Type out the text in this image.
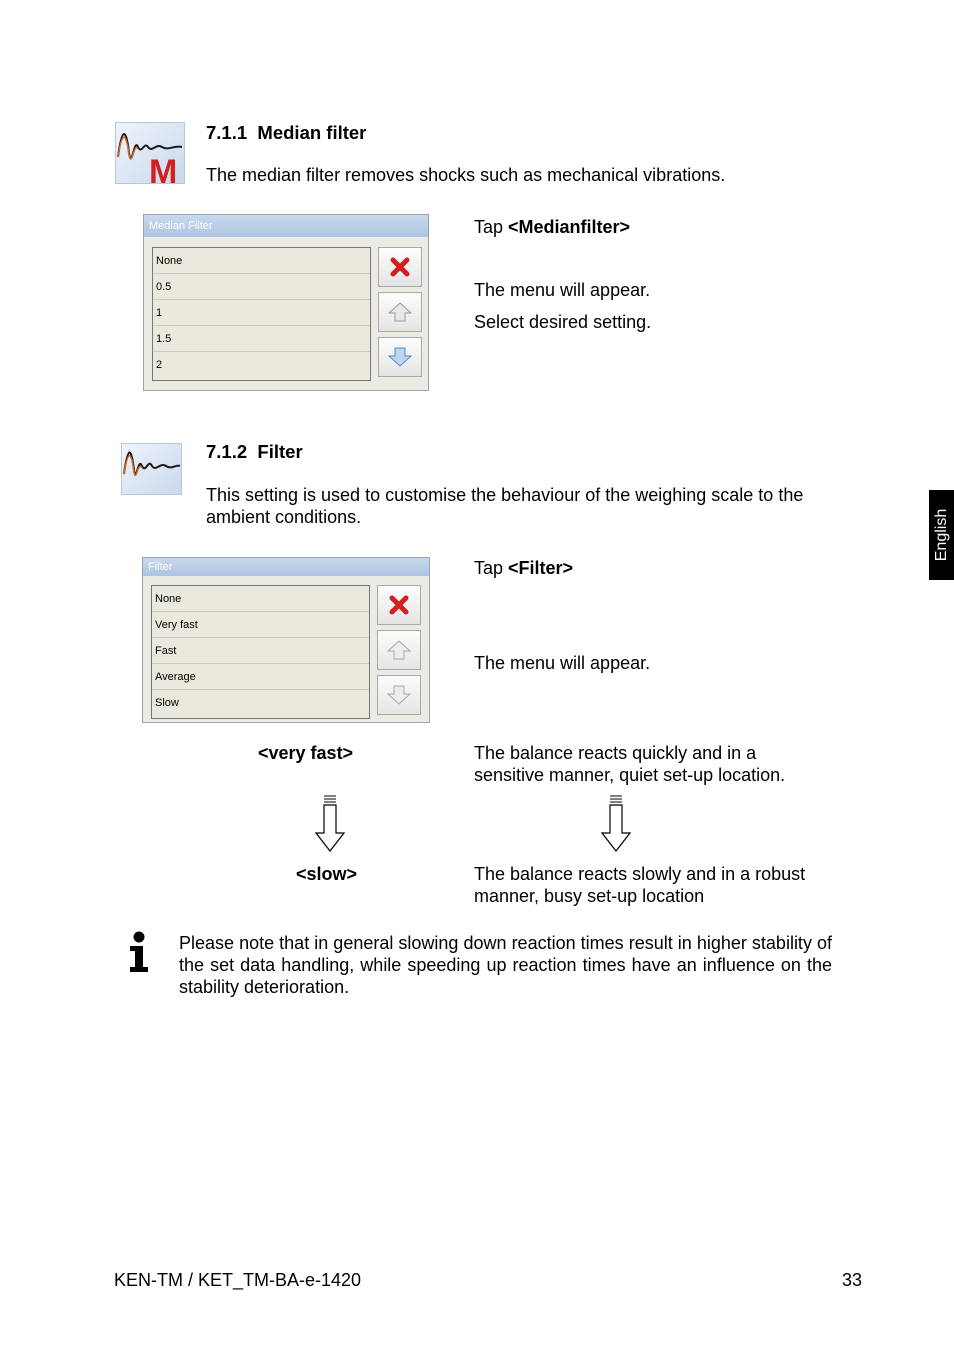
English
M
7.1.1  Median filter
The median filter removes shocks such as mechanical vibrations.
Median Filter
None
0.5
1
1.5
2
Tap <Medianfilter>
The menu will appear.
Select desired setting.
7.1.2  Filter
This setting is used to customise the behaviour of the weighing scale to the ambient conditions.
Filter
None
Very fast
Fast
Average
Slow
Tap <Filter>
The menu will appear.
<very fast>	The balance reacts quickly and in a sensitive manner, quiet set-up location.
<slow>	The balance reacts slowly and in a robust manner, busy set-up location
Please note that in general slowing down reaction times result in higher stability of the set data handling, while speeding up reaction times have an influence on the stability deterioration.
KEN-TM / KET_TM-BA-e-1420	33
